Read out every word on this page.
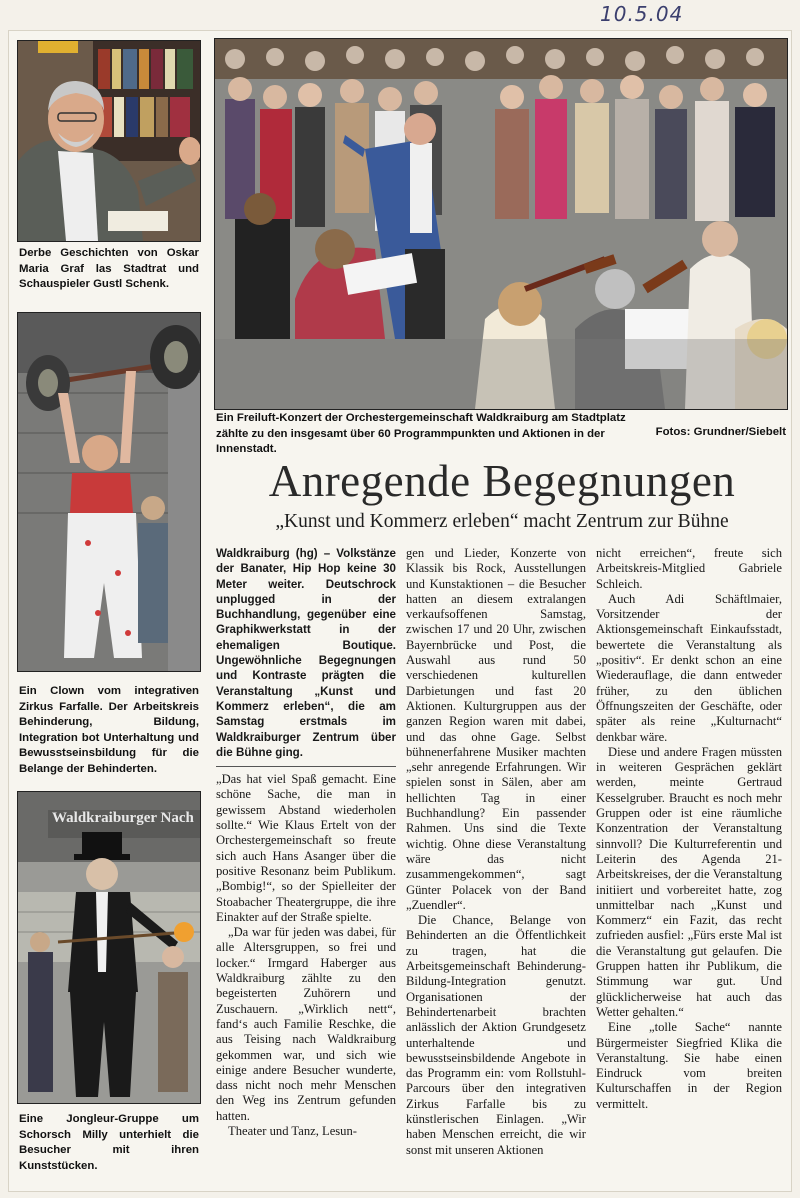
10.5.04
Derbe Geschichten von Oskar Maria Graf las Stadtrat und Schauspieler Gustl Schenk.
Ein Freiluft-Konzert der Orchestergemeinschaft Waldkraiburg am Stadtplatz zählte zu den insgesamt über 60 Programmpunkten und Aktionen in der Innenstadt.
Fotos: Grundner/Siebelt
Anregende Begegnungen
„Kunst und Kommerz erleben“ macht Zentrum zur Bühne
Ein Clown vom integrativen Zirkus Farfalle. Der Arbeitskreis Behinderung, Bildung, Integration bot Unterhaltung und Bewusstseinsbildung für die Belange der Behinderten.
Waldkraiburger Nach
Eine Jongleur-Gruppe um Schorsch Milly unterhielt die Besucher mit ihren Kunststücken.

Waldkraiburg (hg) – Volkstänze der Banater, Hip Hop keine 30 Meter weiter. Deutschrock unplugged in der Buchhandlung, gegenüber eine Graphikwerkstatt in der ehemaligen Boutique. Ungewöhnliche Begegnungen und Kontraste prägten die Veranstaltung „Kunst und Kommerz erleben“, die am Samstag erstmals im Waldkraiburger Zentrum über die Bühne ging.

„Das hat viel Spaß gemacht. Eine schöne Sache, die man in gewissem Abstand wiederholen sollte.“ Wie Klaus Ertelt von der Orchestergemeinschaft so freute sich auch Hans Asanger über die positive Resonanz beim Publikum. „Bombig!“, so der Spielleiter der Stoabacher Theatergruppe, die ihre Einakter auf der Straße spielte.

„Da war für jeden was dabei, für alle Altersgruppen, so frei und locker.“ Irmgard Haberger aus Waldkraiburg zählte zu den begeisterten Zuhörern und Zuschauern. „Wirklich nett“, fand‘s auch Familie Reschke, die aus Teising nach Waldkraiburg gekommen war, und sich wie einige andere Besucher wunderte, dass nicht noch mehr Menschen den Weg ins Zentrum gefunden hatten.

Theater und Tanz, Lesun-

gen und Lieder, Konzerte von Klassik bis Rock, Ausstellungen und Kunstaktionen – die Besucher hatten an diesem extralangen verkaufsoffenen Samstag, zwischen 17 und 20 Uhr, zwischen Bayernbrücke und Post, die Auswahl aus rund 50 verschiedenen kulturellen Darbietungen und fast 20 Aktionen. Kulturgruppen aus der ganzen Region waren mit dabei, und das ohne Gage. Selbst bühnenerfahrene Musiker machten „sehr anregende Erfahrungen. Wir spielen sonst in Sälen, aber am hellichten Tag in einer Buchhandlung? Ein passender Rahmen. Uns sind die Texte wichtig. Ohne diese Veranstaltung wäre das nicht zusammengekommen“, sagt Günter Polacek von der Band „Zuendler“.

Die Chance, Belange von Behinderten an die Öffentlichkeit zu tragen, hat die Arbeitsgemeinschaft Behinderung-Bildung-Integration genutzt. Organisationen der Behindertenarbeit brachten anlässlich der Aktion Grundgesetz unterhaltende und bewusstseinsbildende Angebote in das Programm ein: vom Rollstuhl-Parcours über den integrativen Zirkus Farfalle bis zu künstlerischen Einlagen. „Wir haben Menschen erreicht, die wir sonst mit unseren Aktionen

nicht erreichen“, freute sich Arbeitskreis-Mitglied Gabriele Schleich.

Auch Adi Schäftlmaier, Vorsitzender der Aktionsgemeinschaft Einkaufsstadt, bewertete die Veranstaltung als „positiv“. Er denkt schon an eine Wiederauflage, die dann entweder früher, zu den üblichen Öffnungszeiten der Geschäfte, oder später als reine „Kulturnacht“ denkbar wäre.

Diese und andere Fragen müssten in weiteren Gesprächen geklärt werden, meinte Gertraud Kesselgruber. Braucht es noch mehr Gruppen oder ist eine räumliche Konzentration der Veranstaltung sinnvoll? Die Kulturreferentin und Leiterin des Agenda 21-Arbeitskreises, der die Veranstaltung initiiert und vorbereitet hatte, zog unmittelbar nach „Kunst und Kommerz“ ein Fazit, das recht zufrieden ausfiel: „Fürs erste Mal ist die Veranstaltung gut gelaufen. Die Gruppen hatten ihr Publikum, die Stimmung war gut. Und glücklicherweise hat auch das Wetter gehalten.“

Eine „tolle Sache“ nannte Bürgermeister Siegfried Klika die Veranstaltung. Sie habe einen Eindruck vom breiten Kulturschaffen in der Region vermittelt.
